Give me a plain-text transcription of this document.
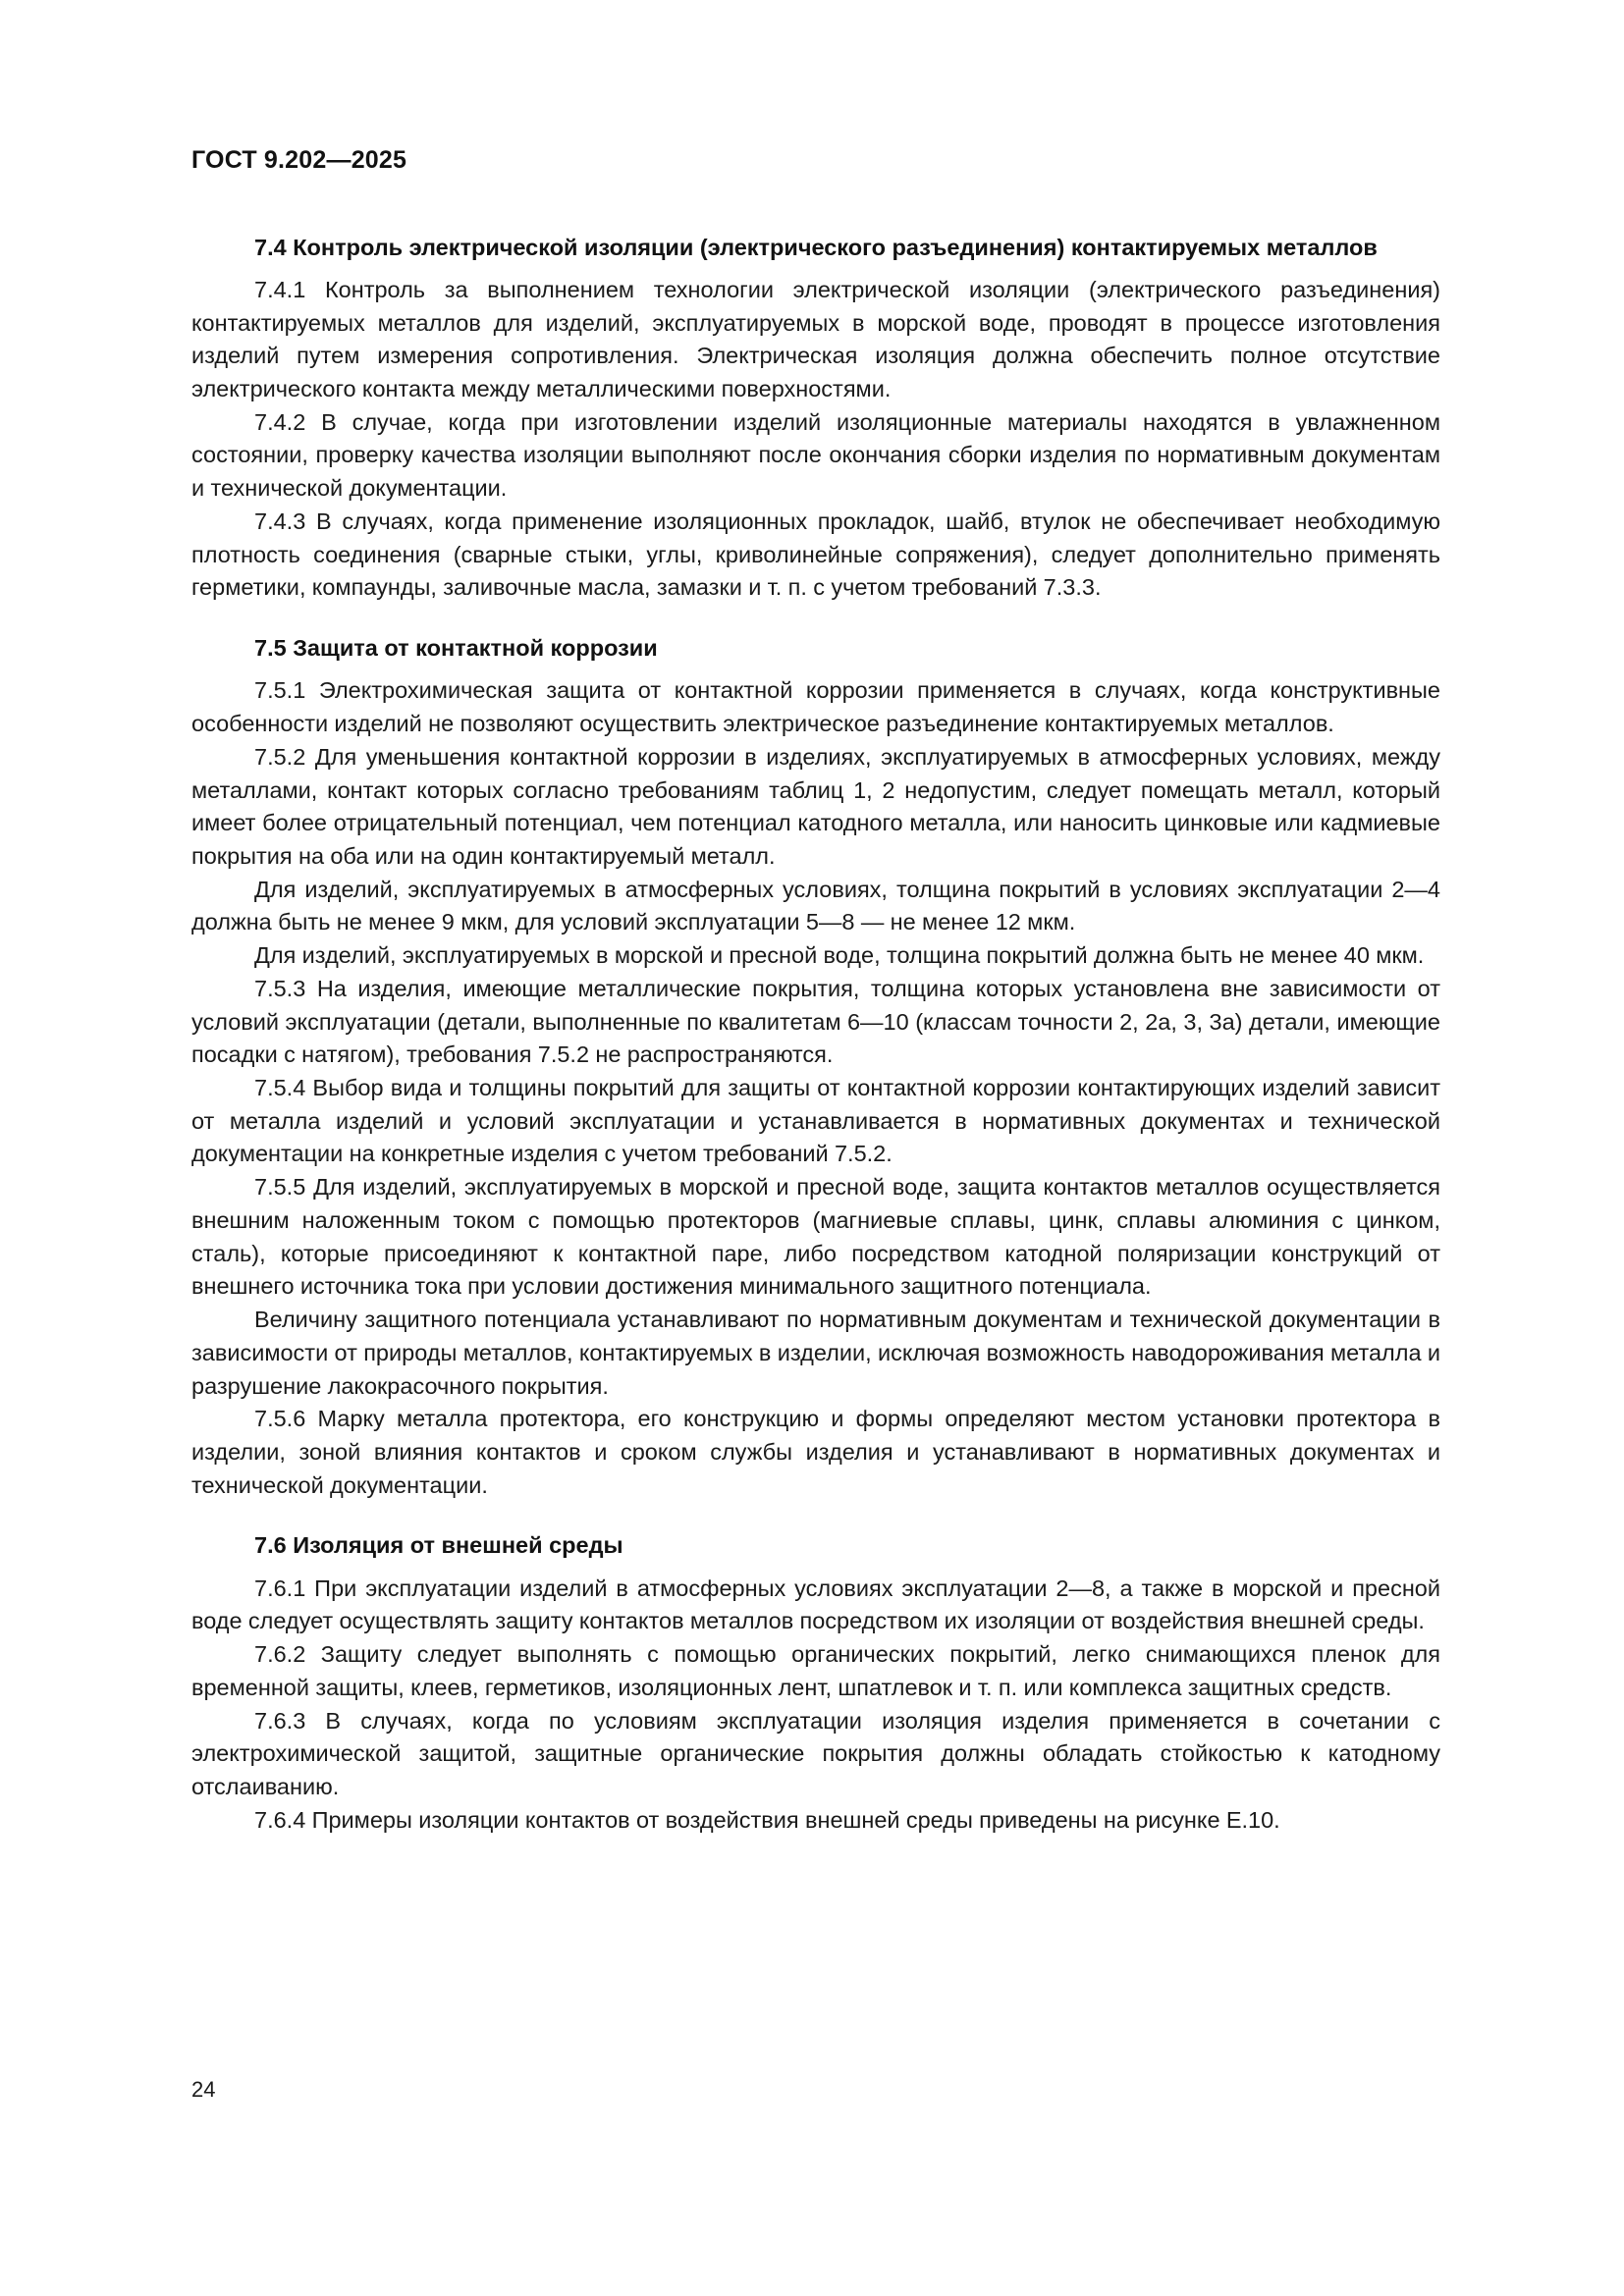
ГОСТ 9.202—2025
7.4 Контроль электрической изоляции (электрического разъединения) контактируемых металлов

7.4.1 Контроль за выполнением технологии электрической изоляции (электрического разъединения) контактируемых металлов для изделий, эксплуатируемых в морской воде, проводят в процессе изготовления изделий путем измерения сопротивления. Электрическая изоляция должна обеспечить полное отсутствие электрического контакта между металлическими поверхностями.

7.4.2 В случае, когда при изготовлении изделий изоляционные материалы находятся в увлажненном состоянии, проверку качества изоляции выполняют после окончания сборки изделия по нормативным документам и технической документации.

7.4.3 В случаях, когда применение изоляционных прокладок, шайб, втулок не обеспечивает необходимую плотность соединения (сварные стыки, углы, криволинейные сопряжения), следует дополнительно применять герметики, компаунды, заливочные масла, замазки и т. п. с учетом требований 7.3.3.

7.5 Защита от контактной коррозии

7.5.1 Электрохимическая защита от контактной коррозии применяется в случаях, когда конструктивные особенности изделий не позволяют осуществить электрическое разъединение контактируемых металлов.

7.5.2 Для уменьшения контактной коррозии в изделиях, эксплуатируемых в атмосферных условиях, между металлами, контакт которых согласно требованиям таблиц 1, 2 недопустим, следует помещать металл, который имеет более отрицательный потенциал, чем потенциал катодного металла, или наносить цинковые или кадмиевые покрытия на оба или на один контактируемый металл.

Для изделий, эксплуатируемых в атмосферных условиях, толщина покрытий в условиях эксплуатации 2—4 должна быть не менее 9 мкм, для условий эксплуатации 5—8 — не менее 12 мкм.

Для изделий, эксплуатируемых в морской и пресной воде, толщина покрытий должна быть не менее 40 мкм.

7.5.3 На изделия, имеющие металлические покрытия, толщина которых установлена вне зависимости от условий эксплуатации (детали, выполненные по квалитетам 6—10 (классам точности 2, 2а, 3, 3а) детали, имеющие посадки с натягом), требования 7.5.2 не распространяются.

7.5.4 Выбор вида и толщины покрытий для защиты от контактной коррозии контактирующих изделий зависит от металла изделий и условий эксплуатации и устанавливается в нормативных документах и технической документации на конкретные изделия с учетом требований 7.5.2.

7.5.5 Для изделий, эксплуатируемых в морской и пресной воде, защита контактов металлов осуществляется внешним наложенным током с помощью протекторов (магниевые сплавы, цинк, сплавы алюминия с цинком, сталь), которые присоединяют к контактной паре, либо посредством катодной поляризации конструкций от внешнего источника тока при условии достижения минимального защитного потенциала.

Величину защитного потенциала устанавливают по нормативным документам и технической документации в зависимости от природы металлов, контактируемых в изделии, исключая возможность наводороживания металла и разрушение лакокрасочного покрытия.

7.5.6 Марку металла протектора, его конструкцию и формы определяют местом установки протектора в изделии, зоной влияния контактов и сроком службы изделия и устанавливают в нормативных документах и технической документации.

7.6 Изоляция от внешней среды

7.6.1 При эксплуатации изделий в атмосферных условиях эксплуатации 2—8, а также в морской и пресной воде следует осуществлять защиту контактов металлов посредством их изоляции от воздействия внешней среды.

7.6.2 Защиту следует выполнять с помощью органических покрытий, легко снимающихся пленок для временной защиты, клеев, герметиков, изоляционных лент, шпатлевок и т. п. или комплекса защитных средств.

7.6.3 В случаях, когда по условиям эксплуатации изоляция изделия применяется в сочетании с электрохимической защитой, защитные органические покрытия должны обладать стойкостью к катодному отслаиванию.

7.6.4 Примеры изоляции контактов от воздействия внешней среды приведены на рисунке Е.10.

24
